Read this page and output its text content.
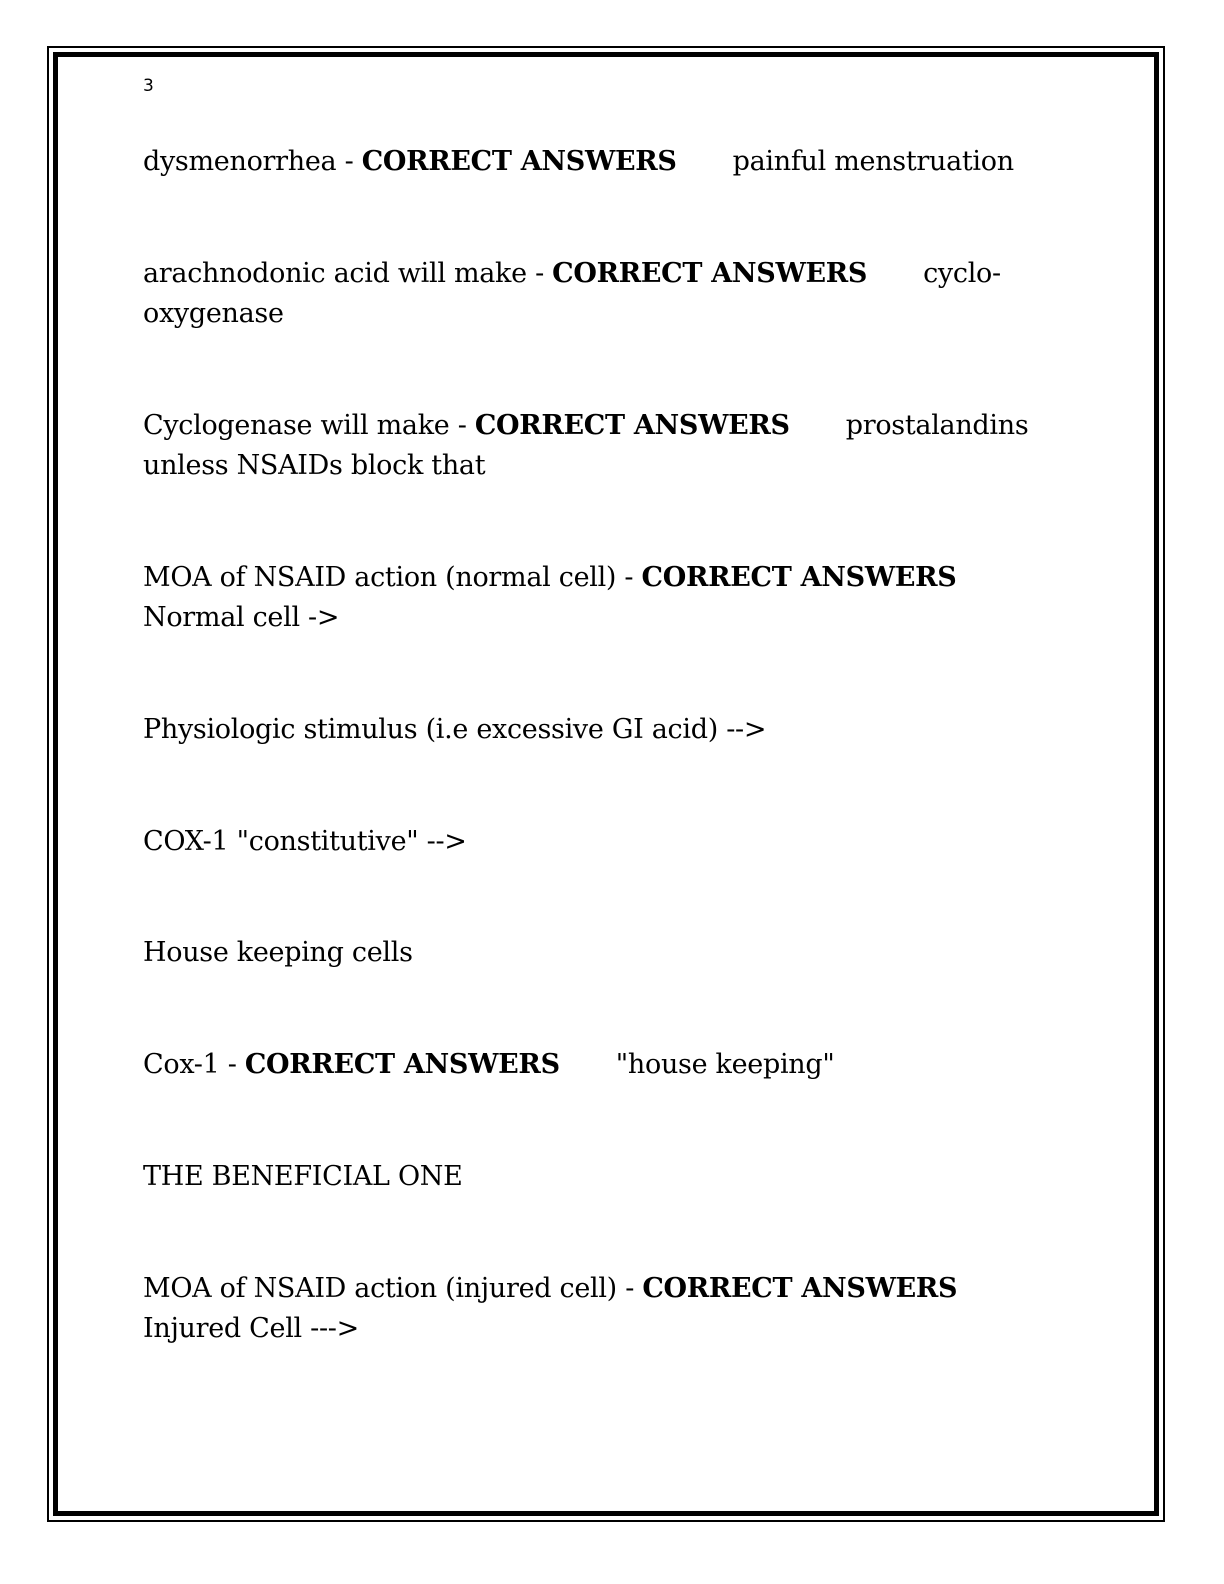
3
dysmenorrhea - CORRECT ANSWERS painful menstruation
arachnodonic acid will make - CORRECT ANSWERS cyclo-
oxygenase
Cyclogenase will make - CORRECT ANSWERS prostalandins
unless NSAIDs block that
MOA of NSAID action (normal cell) - CORRECT ANSWERS
Normal cell ->
Physiologic stimulus (i.e excessive GI acid) -->
COX-1 "constitutive" -->
House keeping cells
Cox-1 - CORRECT ANSWERS "house keeping"
THE BENEFICIAL ONE
MOA of NSAID action (injured cell) - CORRECT ANSWERS
Injured Cell --->
